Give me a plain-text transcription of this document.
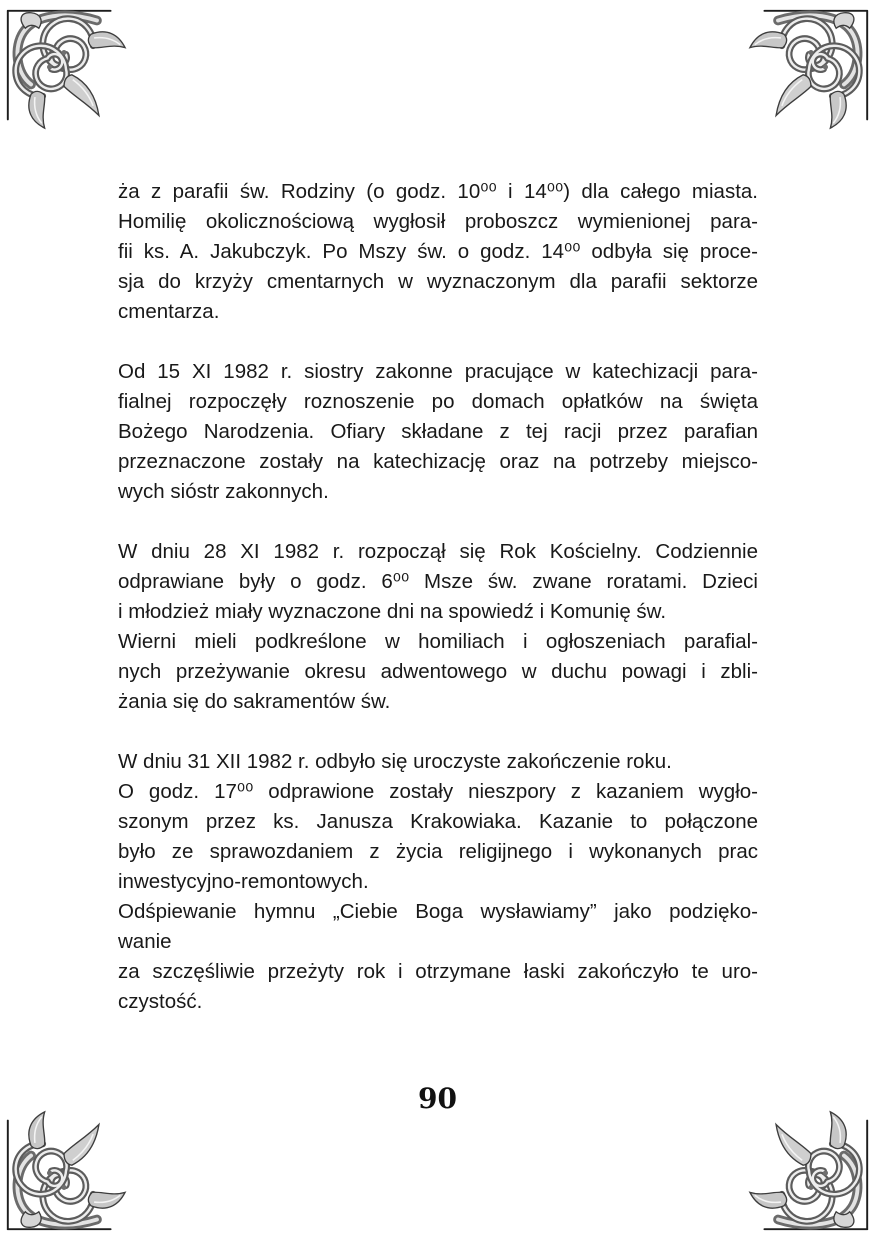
ża z parafii św. Rodziny (o godz. 10⁰⁰ i 14⁰⁰) dla całego miasta.
Homilię okolicznościową wygłosił proboszcz wymienionej para-
fii ks. A. Jakubczyk. Po Mszy św. o godz. 14⁰⁰ odbyła się proce-
sja do krzyży cmentarnych w wyznaczonym dla parafii sektorze
cmentarza.

Od 15 XI 1982 r. siostry zakonne pracujące w katechizacji para-
fialnej rozpoczęły roznoszenie po domach opłatków na święta
Bożego Narodzenia. Ofiary składane z tej racji przez parafian
przeznaczone zostały na katechizację oraz na potrzeby miejsco-
wych sióstr zakonnych.

W dniu 28 XI 1982 r. rozpoczął się Rok Kościelny. Codziennie
odprawiane były o godz. 6⁰⁰ Msze św. zwane roratami. Dzieci
i młodzież miały wyznaczone dni na spowiedź i Komunię św.
Wierni mieli podkreślone w homiliach i ogłoszeniach parafial-
nych przeżywanie okresu adwentowego w duchu powagi i zbli-
żania się do sakramentów św.

W dniu 31 XII 1982 r. odbyło się uroczyste zakończenie roku.
O godz. 17⁰⁰ odprawione zostały nieszpory z kazaniem wygło-
szonym przez ks. Janusza Krakowiaka. Kazanie to połączone
było ze sprawozdaniem z życia religijnego i wykonanych prac
inwestycyjno-remontowych.
Odśpiewanie hymnu „Ciebie Boga wysławiamy” jako podzięko-
wanie
za szczęśliwie przeżyty rok i otrzymane łaski zakończyło te uro-
czystość.

90
